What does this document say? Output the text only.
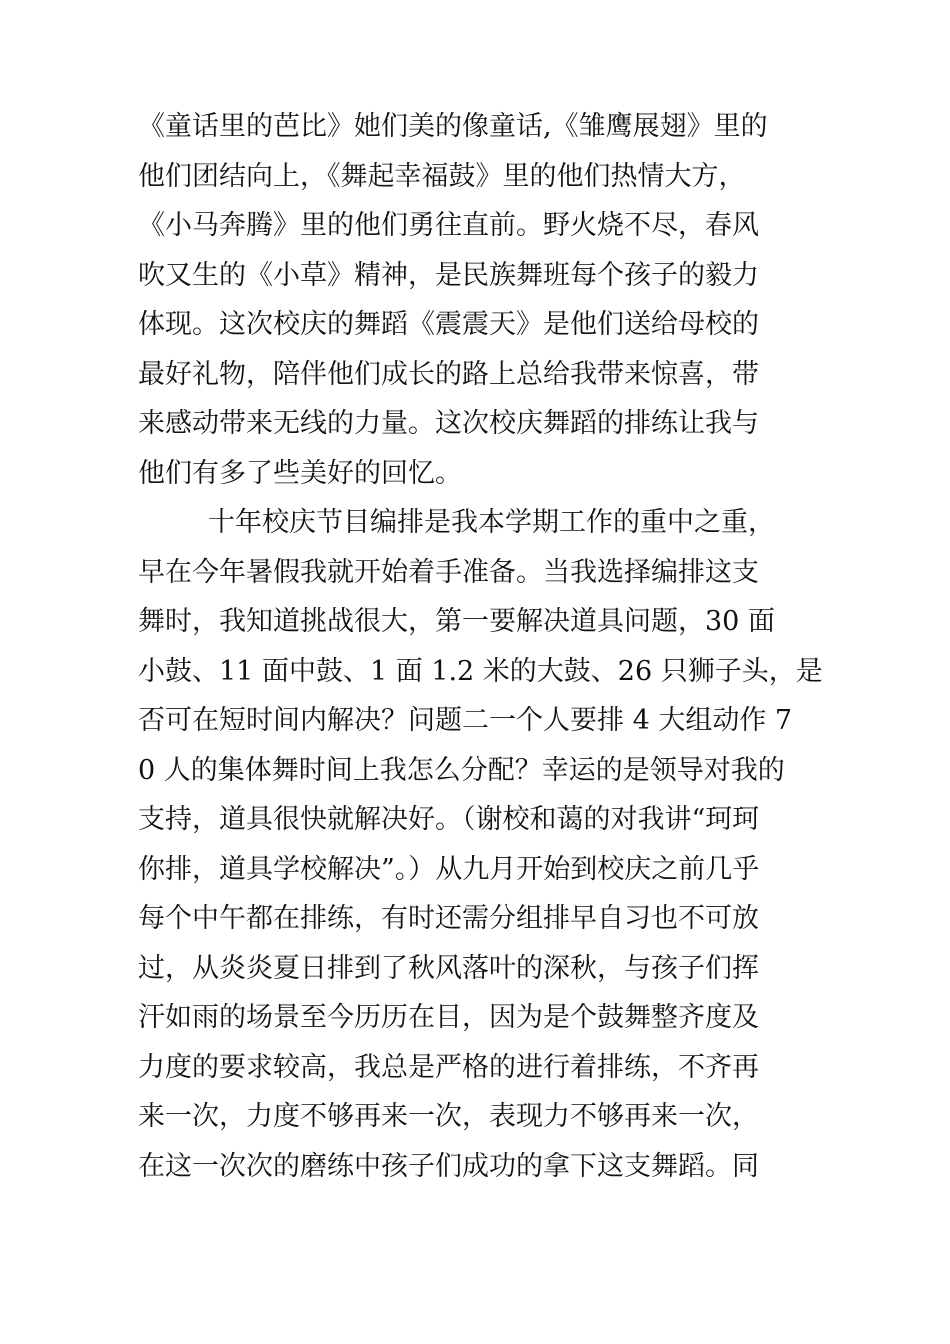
《童话里的芭比》她们美的像童话,《雏鹰展翅》里的
他们团结向上，《舞起幸福鼓》里的他们热情大方，
《小马奔腾》里的他们勇往直前。野火烧不尽，春风
吹又生的《小草》精神，是民族舞班每个孩子的毅力
体现。这次校庆的舞蹈《震震天》是他们送给母校的
最好礼物，陪伴他们成长的路上总给我带来惊喜，带
来感动带来无线的力量。这次校庆舞蹈的排练让我与
他们有多了些美好的回忆。
十年校庆节目编排是我本学期工作的重中之重，
早在今年暑假我就开始着手准备。当我选择编排这支
舞时，我知道挑战很大，第一要解决道具问题，30 面
小鼓、11 面中鼓、1 面 1.2 米的大鼓、26 只狮子头，是
否可在短时间内解决？问题二一个人要排 4 大组动作 7
0 人的集体舞时间上我怎么分配？幸运的是领导对我的
支持，道具很快就解决好。（谢校和蔼的对我讲“珂珂
你排，道具学校解决”。）从九月开始到校庆之前几乎
每个中午都在排练，有时还需分组排早自习也不可放
过，从炎炎夏日排到了秋风落叶的深秋，与孩子们挥
汗如雨的场景至今历历在目，因为是个鼓舞整齐度及
力度的要求较高，我总是严格的进行着排练，不齐再
来一次，力度不够再来一次，表现力不够再来一次，
在这一次次的磨练中孩子们成功的拿下这支舞蹈。同
